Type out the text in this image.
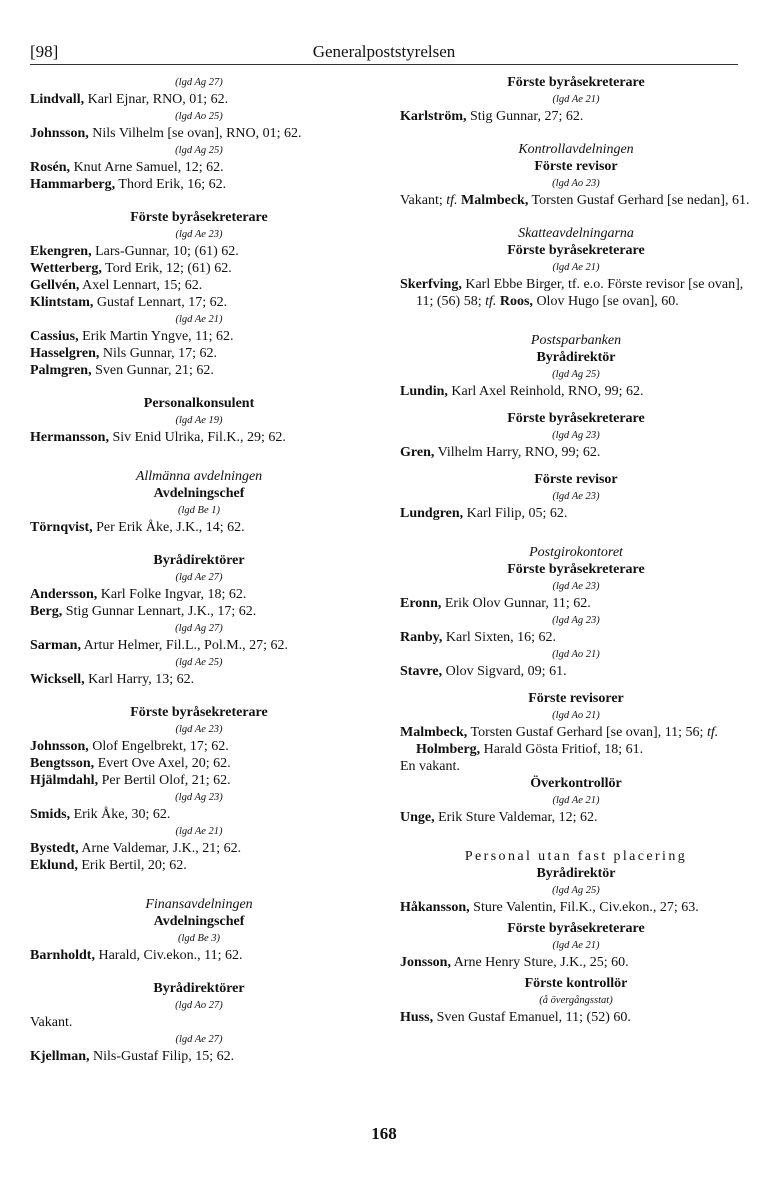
[98]	Generalpoststyrelsen
(lgd Ag 27)

Lindvall, Karl Ejnar, RNO, 01; 62.

(lgd Ao 25)

Johnsson, Nils Vilhelm [se ovan], RNO, 01; 62.

(lgd Ag 25)

Rosén, Knut Arne Samuel, 12; 62.

Hammarberg, Thord Erik, 16; 62.

Förste byråsekreterare
(lgd Ae 23)

Ekengren, Lars-Gunnar, 10; (61) 62.

Wetterberg, Tord Erik, 12; (61) 62.

Gellvén, Axel Lennart, 15; 62.

Klintstam, Gustaf Lennart, 17; 62.

(lgd Ae 21)

Cassius, Erik Martin Yngve, 11; 62.

Hasselgren, Nils Gunnar, 17; 62.

Palmgren, Sven Gunnar, 21; 62.

Personalkonsulent
(lgd Ae 19)

Hermansson, Siv Enid Ulrika, Fil.K., 29; 62.

Allmänna avdelningen
Avdelningschef
(lgd Be 1)

Törnqvist, Per Erik Åke, J.K., 14; 62.

Byrådirektörer
(lgd Ae 27)

Andersson, Karl Folke Ingvar, 18; 62.

Berg, Stig Gunnar Lennart, J.K., 17; 62.

(lgd Ag 27)

Sarman, Artur Helmer, Fil.L., Pol.M., 27; 62.

(lgd Ae 25)

Wicksell, Karl Harry, 13; 62.

Förste byråsekreterare
(lgd Ae 23)

Johnsson, Olof Engelbrekt, 17; 62.

Bengtsson, Evert Ove Axel, 20; 62.

Hjälmdahl, Per Bertil Olof, 21; 62.

(lgd Ag 23)

Smids, Erik Åke, 30; 62.

(lgd Ae 21)

Bystedt, Arne Valdemar, J.K., 21; 62.

Eklund, Erik Bertil, 20; 62.

Finansavdelningen
Avdelningschef
(lgd Be 3)

Barnholdt, Harald, Civ.ekon., 11; 62.

Byrådirektörer
(lgd Ao 27)

Vakant.

(lgd Ae 27)

Kjellman, Nils-Gustaf Filip, 15; 62.

Förste byråsekreterare
(lgd Ae 21)

Karlström, Stig Gunnar, 27; 62.

Kontrollavdelningen
Förste revisor
(lgd Ao 23)

Vakant; tf. Malmbeck, Torsten Gustaf Gerhard [se nedan], 61.

Skatteavdelningarna
Förste byråsekreterare
(lgd Ae 21)

Skerfving, Karl Ebbe Birger, tf. e.o. Förste revisor [se ovan], 11; (56) 58; tf. Roos, Olov Hugo [se ovan], 60.

Postsparbanken
Byrådirektör
(lgd Ag 25)

Lundin, Karl Axel Reinhold, RNO, 99; 62.

Förste byråsekreterare
(lgd Ag 23)

Gren, Vilhelm Harry, RNO, 99; 62.

Förste revisor
(lgd Ae 23)

Lundgren, Karl Filip, 05; 62.

Postgirokontoret
Förste byråsekreterare
(lgd Ae 23)

Eronn, Erik Olov Gunnar, 11; 62.

(lgd Ag 23)

Ranby, Karl Sixten, 16; 62.

(lgd Ao 21)

Stavre, Olov Sigvard, 09; 61.

Förste revisorer
(lgd Ao 21)

Malmbeck, Torsten Gustaf Gerhard [se ovan], 11; 56; tf. Holmberg, Harald Gösta Fritiof, 18; 61.

En vakant.

Överkontrollör
(lgd Ae 21)

Unge, Erik Sture Valdemar, 12; 62.

Personal utan fast placering
Byrådirektör
(lgd Ag 25)

Håkansson, Sture Valentin, Fil.K., Civ.ekon., 27; 63.

Förste byråsekreterare
(lgd Ae 21)

Jonsson, Arne Henry Sture, J.K., 25; 60.

Förste kontrollör
(å övergångsstat)

Huss, Sven Gustaf Emanuel, 11; (52) 60.

168
